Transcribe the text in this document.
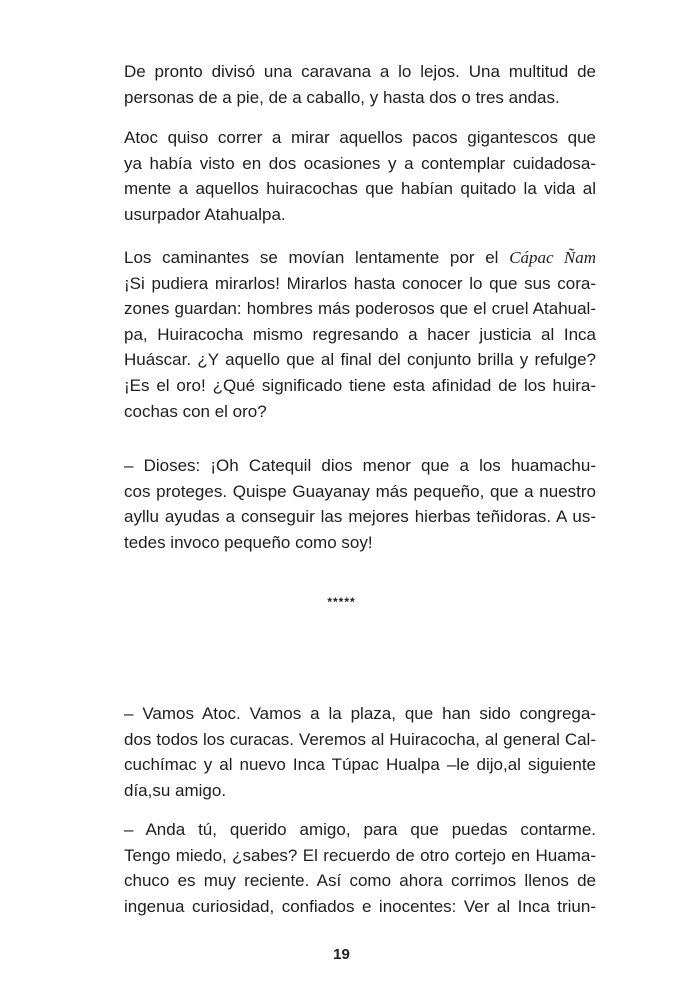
De pronto divisó una caravana a lo lejos. Una multitud de
personas de a pie, de a caballo, y hasta dos o tres andas.
Atoc quiso correr a mirar aquellos pacos gigantescos que
ya había visto en dos ocasiones y a contemplar cuidadosa-
mente a aquellos huiracochas que habían quitado la vida al
usurpador Atahualpa.
Los caminantes se movían lentamente por el Cápac Ñam
¡Si pudiera mirarlos! Mirarlos hasta conocer lo que sus cora-
zones guardan: hombres más poderosos que el cruel Atahual-
pa, Huiracocha mismo regresando a hacer justicia al Inca
Huáscar. ¿Y aquello que al final del conjunto brilla y refulge?
¡Es el oro! ¿Qué significado tiene esta afinidad de los huira-
cochas con el oro?
– Dioses: ¡Oh Catequil dios menor que a los huamachu-
cos proteges. Quispe Guayanay más pequeño, que a nuestro
ayllu ayudas a conseguir las mejores hierbas teñidoras. A us-
tedes invoco pequeño como soy!
*****
– Vamos Atoc. Vamos a la plaza, que han sido congrega-
dos todos los curacas. Veremos al Huiracocha, al general Cal-
cuchímac y al nuevo Inca Túpac Hualpa –le dijo,al siguiente
día,su amigo.
– Anda tú, querido amigo, para que puedas contarme.
Tengo miedo, ¿sabes? El recuerdo de otro cortejo en Huama-
chuco es muy reciente. Así como ahora corrimos llenos de
ingenua curiosidad, confiados e inocentes: Ver al Inca triun-
19
